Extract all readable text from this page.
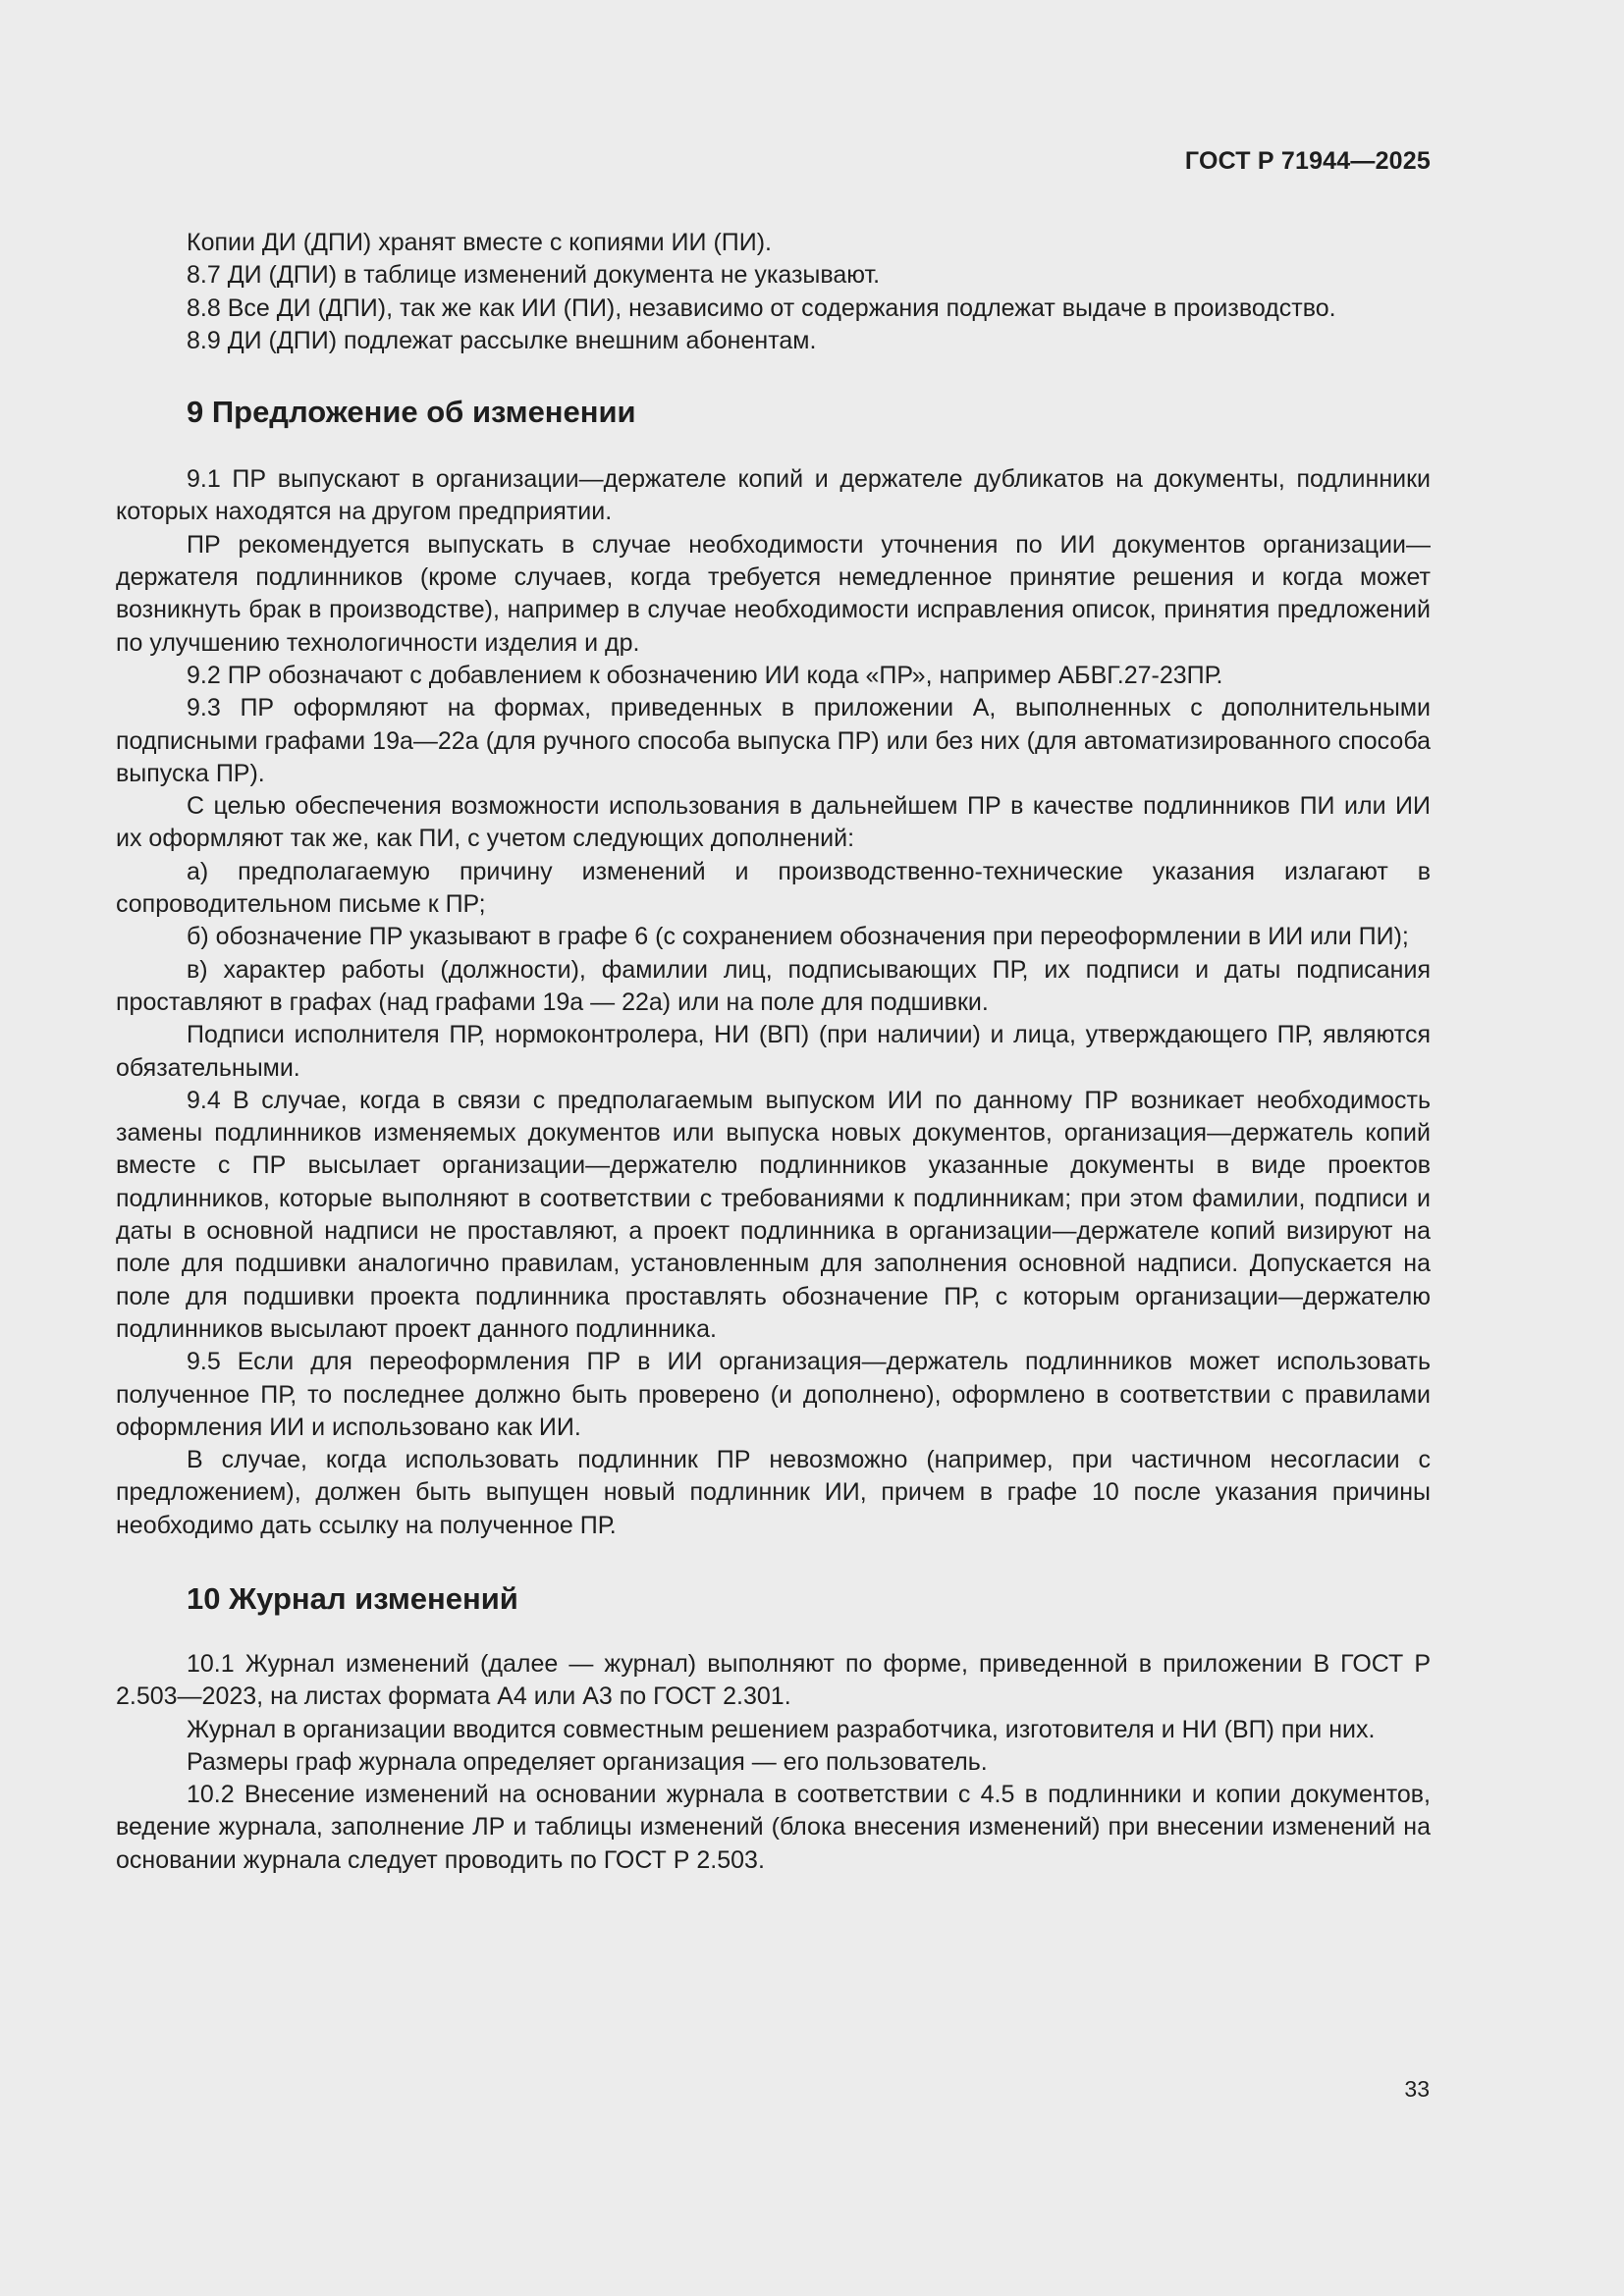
ГОСТ Р 71944—2025

Копии ДИ (ДПИ) хранят вместе с копиями ИИ (ПИ).

8.7 ДИ (ДПИ) в таблице изменений документа не указывают.

8.8 Все ДИ (ДПИ), так же как ИИ (ПИ), независимо от содержания подлежат выдаче в производство.

8.9 ДИ (ДПИ) подлежат рассылке внешним абонентам.

9 Предложение об изменении

9.1 ПР выпускают в организации—держателе копий и держателе дубликатов на документы, подлинники которых находятся на другом предприятии.

ПР рекомендуется выпускать в случае необходимости уточнения по ИИ документов организации—держателя подлинников (кроме случаев, когда требуется немедленное принятие решения и когда может возникнуть брак в производстве), например в случае необходимости исправления описок, принятия предложений по улучшению технологичности изделия и др.

9.2 ПР обозначают с добавлением к обозначению ИИ кода «ПР», например АБВГ.27-23ПР.

9.3 ПР оформляют на формах, приведенных в приложении А, выполненных с дополнительными подписными графами 19а—22а (для ручного способа выпуска ПР) или без них (для автоматизированного способа выпуска ПР).

С целью обеспечения возможности использования в дальнейшем ПР в качестве подлинников ПИ или ИИ их оформляют так же, как ПИ, с учетом следующих дополнений:

а) предполагаемую причину изменений и производственно-технические указания излагают в сопроводительном письме к ПР;

б) обозначение ПР указывают в графе 6 (с сохранением обозначения при переоформлении в ИИ или ПИ);

в) характер работы (должности), фамилии лиц, подписывающих ПР, их подписи и даты подписания проставляют в графах (над графами 19а — 22а) или на поле для подшивки.

Подписи исполнителя ПР, нормоконтролера, НИ (ВП) (при наличии) и лица, утверждающего ПР, являются обязательными.

9.4 В случае, когда в связи с предполагаемым выпуском ИИ по данному ПР возникает необходимость замены подлинников изменяемых документов или выпуска новых документов, организация—держатель копий вместе с ПР высылает организации—держателю подлинников указанные документы в виде проектов подлинников, которые выполняют в соответствии с требованиями к подлинникам; при этом фамилии, подписи и даты в основной надписи не проставляют, а проект подлинника в организации—держателе копий визируют на поле для подшивки аналогично правилам, установленным для заполнения основной надписи. Допускается на поле для подшивки проекта подлинника проставлять обозначение ПР, с которым организации—держателю подлинников высылают проект данного подлинника.

9.5 Если для переоформления ПР в ИИ организация—держатель подлинников может использовать полученное ПР, то последнее должно быть проверено (и дополнено), оформлено в соответствии с правилами оформления ИИ и использовано как ИИ.

В случае, когда использовать подлинник ПР невозможно (например, при частичном несогласии с предложением), должен быть выпущен новый подлинник ИИ, причем в графе 10 после указания причины необходимо дать ссылку на полученное ПР.

10 Журнал изменений

10.1 Журнал изменений (далее — журнал) выполняют по форме, приведенной в приложении В ГОСТ Р 2.503—2023, на листах формата А4 или А3 по ГОСТ 2.301.

Журнал в организации вводится совместным решением разработчика, изготовителя и НИ (ВП) при них.

Размеры граф журнала определяет организация — его пользователь.

10.2 Внесение изменений на основании журнала в соответствии с 4.5 в подлинники и копии документов, ведение журнала, заполнение ЛР и таблицы изменений (блока внесения изменений) при внесении изменений на основании журнала следует проводить по ГОСТ Р 2.503.

33
